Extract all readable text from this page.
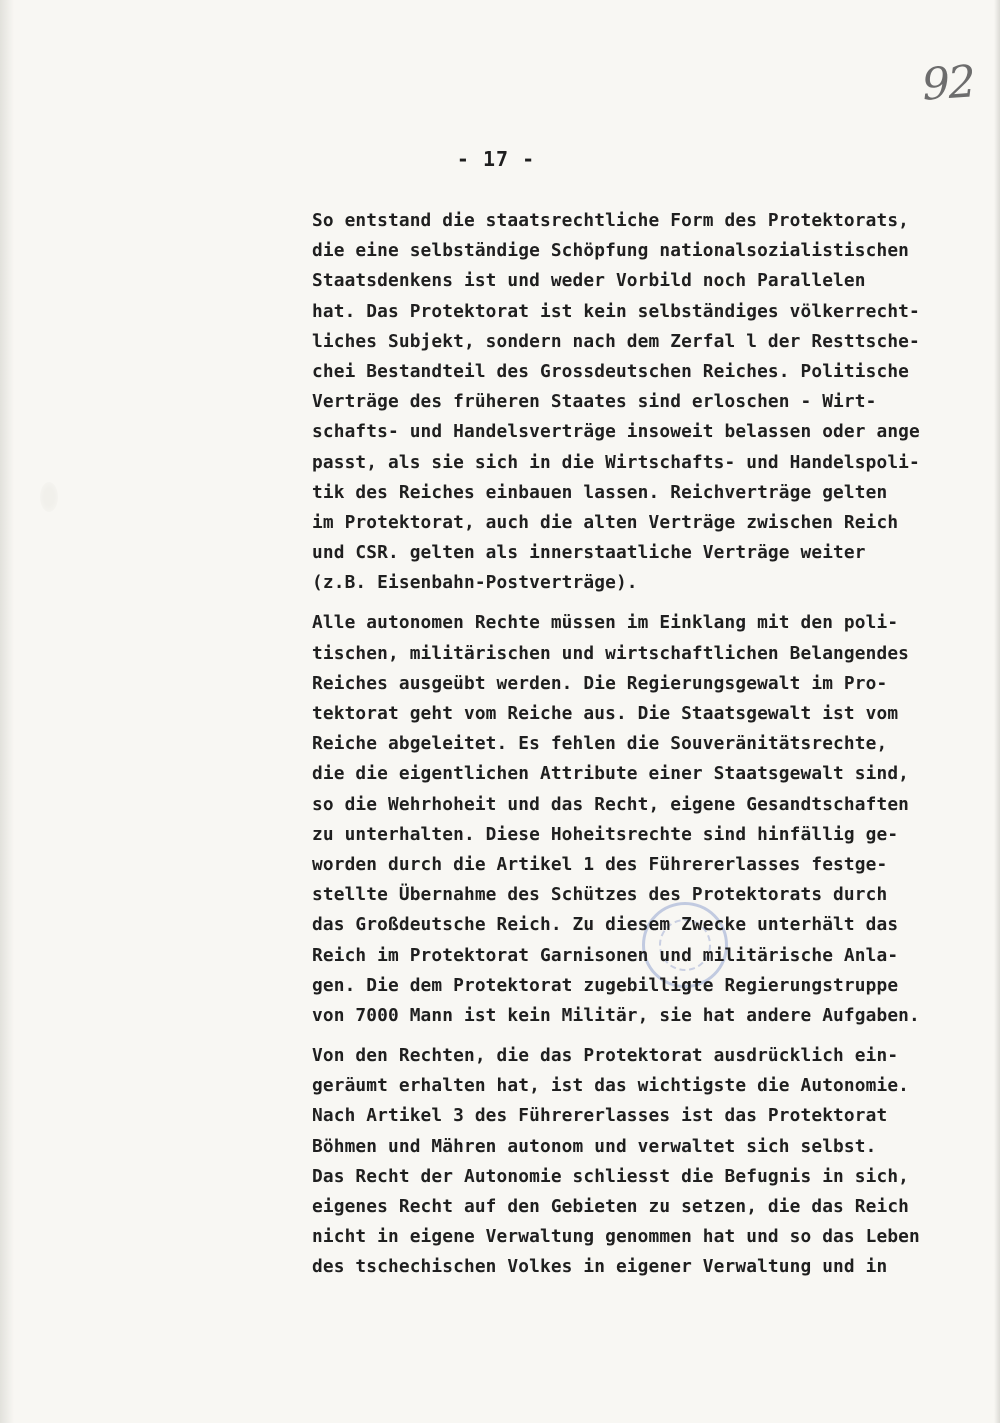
92
- 17 -
So entstand die staatsrechtliche Form des Protektorats,
die eine selbständige Schöpfung nationalsozialistischen
Staatsdenkens ist und weder Vorbild noch Parallelen
hat. Das Protektorat ist kein selbständiges völkerrecht-
liches Subjekt, sondern nach dem Zerfal l der Resttsche-
chei Bestandteil des Grossdeutschen Reiches. Politische
Verträge des früheren Staates sind erloschen - Wirt-
schafts- und Handelsverträge insoweit belassen oder ange
passt, als sie sich in die Wirtschafts- und Handelspoli-
tik des Reiches einbauen lassen. Reichverträge gelten
im Protektorat, auch die alten Verträge zwischen Reich
und CSR. gelten als innerstaatliche Verträge weiter
(z.B. Eisenbahn-Postverträge).
Alle autonomen Rechte müssen im Einklang mit den poli-
tischen, militärischen und wirtschaftlichen Belangendes
Reiches ausgeübt werden. Die Regierungsgewalt im Pro-
tektorat geht vom Reiche aus. Die Staatsgewalt ist vom
Reiche abgeleitet. Es fehlen die Souveränitätsrechte,
die die eigentlichen Attribute einer Staatsgewalt sind,
so die Wehrhoheit und das Recht, eigene Gesandtschaften
zu unterhalten. Diese Hoheitsrechte sind hinfällig ge-
worden durch die Artikel 1 des Führererlasses festge-
stellte Übernahme des Schützes des Protektorats durch
das Großdeutsche Reich. Zu diesem Zwecke unterhält das
Reich im Protektorat Garnisonen und militärische Anla-
gen. Die dem Protektorat zugebilligte Regierungstruppe
von 7000 Mann ist kein Militär, sie hat andere Aufgaben.
Von den Rechten, die das Protektorat ausdrücklich ein-
geräumt erhalten hat, ist das wichtigste die Autonomie.
Nach Artikel 3 des Führererlasses ist das Protektorat
Böhmen und Mähren autonom und verwaltet sich selbst.
Das Recht der Autonomie schliesst die Befugnis in sich,
eigenes Recht auf den Gebieten zu setzen, die das Reich
nicht in eigene Verwaltung genommen hat und so das Leben
des tschechischen Volkes in eigener Verwaltung und in
